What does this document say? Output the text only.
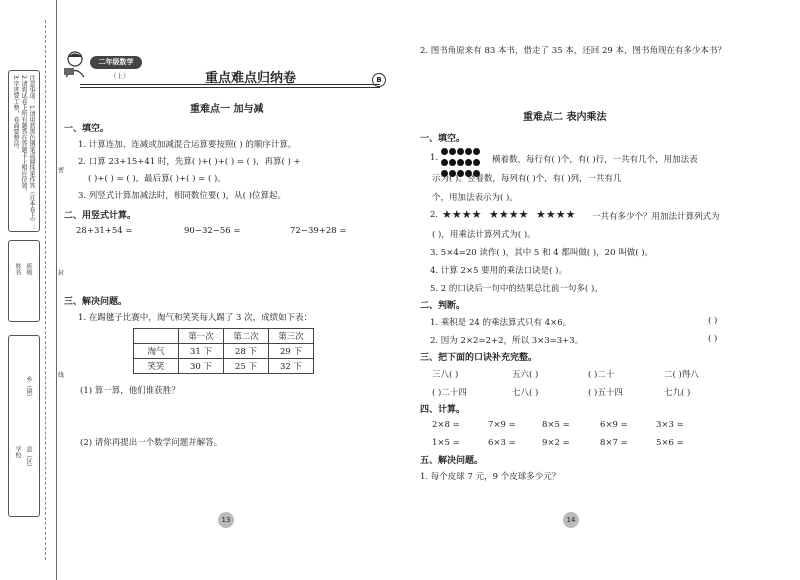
注意事项：1.请用蓝黑色钢笔或圆珠笔作答（在本卷上）；
2.请将试卷上所有题答在答题卡上相应位置。
3.字迹要工整，卷面要整洁。
班级
姓名
县（区）
乡（镇）
学校
密
封
线
二年级数学
（上）	重点难点归纳卷	B
重难点一 加与减
一、填空。
1. 计算连加、连减或加减混合运算要按照( ) 的顺序计算。
2. 口算 23+15+41 时，先算( )+( )+( ) = ( )，再算( ) +
( )+( ) = ( )，最后算( )+( ) = ( )。
3. 列竖式计算加减法时，相同数位要( )，从( )位算起。
二、用竖式计算。
28+31+54 =	90−32−56 =	72−39+28 =
三、解决问题。
1. 在踢毽子比赛中，淘气和笑笑每人踢了 3 次，成绩如下表：
	第一次	第二次	第三次
淘气	31 下	28 下	29 下
笑笑	30 下	25 下	32 下
(1) 算一算，他们谁获胜？
(2) 请你再提出一个数学问题并解答。
13
2. 图书角原来有 83 本书，借走了 35 本，还回 29 本，图书角现在有多少本书？
重难点二 表内乘法
一、填空。
1.
	横着数，每行有( )个，有( )行，一共有几个，用加法表
示为( )。竖着数，每列有( )个，有( )列，一共有几
个，用加法表示为( )。
2. ★★★★ ★★★★ ★★★★ 一共有多少个？用加法计算列式为
( )，用乘法计算列式为( )。
3. 5×4=20 读作( )，其中 5 和 4 都叫做( )，20 叫做( )。
4. 计算 2×5 要用的乘法口诀是( )。
5. 2 的口诀后一句中的结果总比前一句多( )。
二、判断。
1. 乘积是 24 的乘法算式只有 4×6。	( )
2. 因为 2×2=2+2，所以 3×3=3+3。	( )
三、把下面的口诀补充完整。
三八( )	五六( )	( )二十	二( )得八
( )二十四	七八( )	( )五十四	七九( )
四、计算。
2×8 =	7×9 =	8×5 =	6×9 =	3×3 =
1×5 =	6×3 =	9×2 =	8×7 =	5×6 =
五、解决问题。
1. 每个皮球 7 元，9 个皮球多少元？
14
